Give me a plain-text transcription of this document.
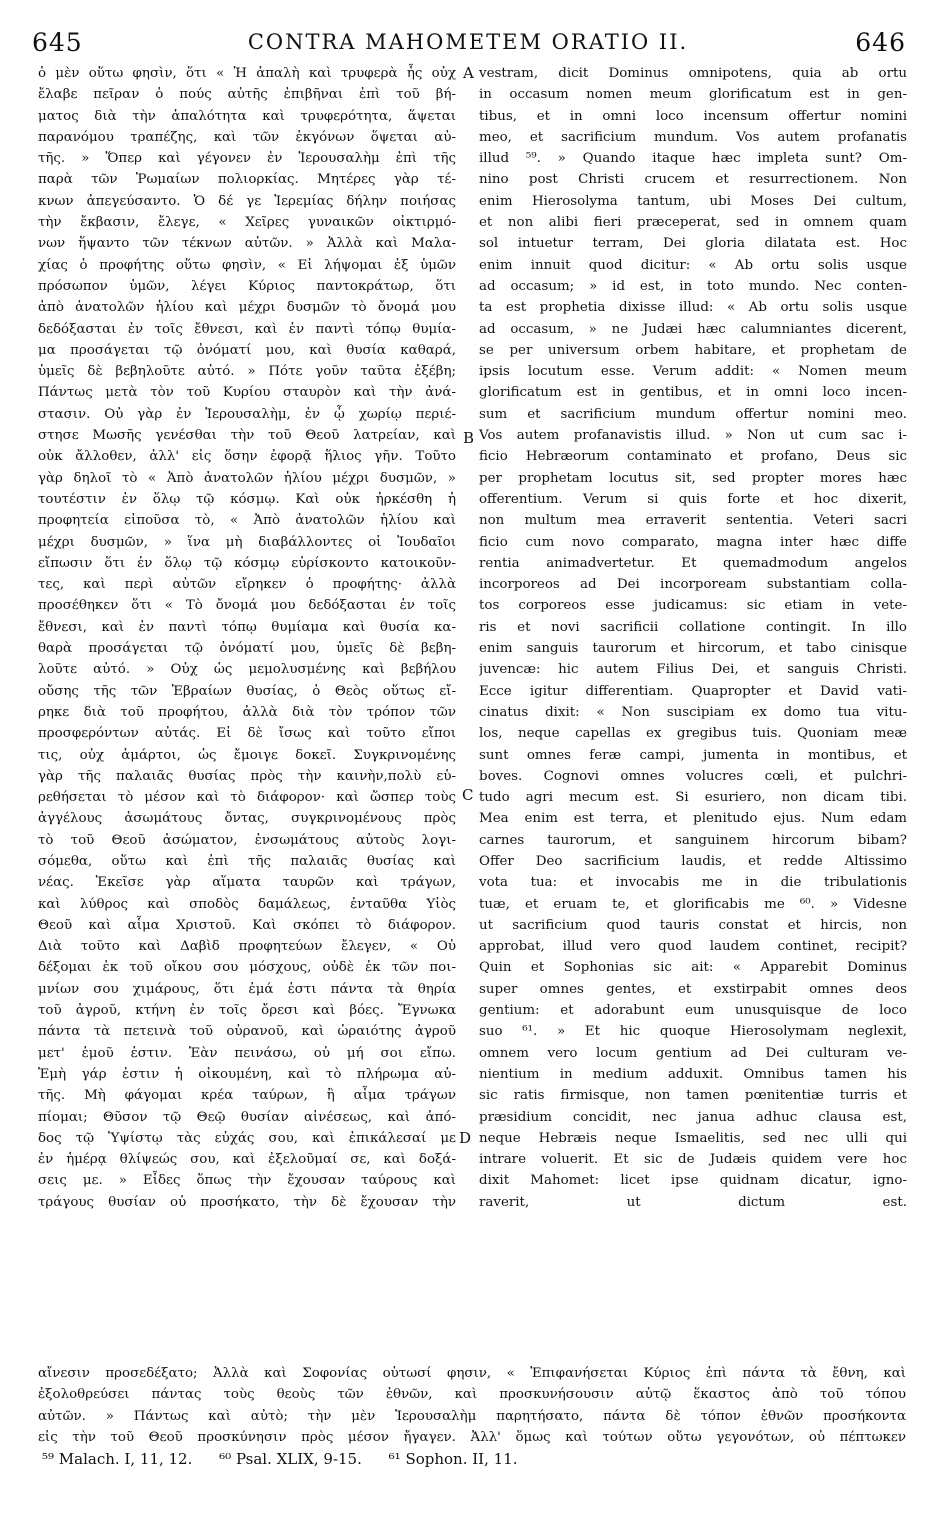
645	CONTRA MAHOMETEM ORATIO II.	646
ὁ μὲν οὕτω φησὶν, ὅτι « Ἡ ἁπαλὴ καὶ τρυφερὰ ἧς οὐχ
ἔλαβε πεῖραν ὁ πούς αὐτῆς ἐπιβῆναι ἐπὶ τοῦ βή-
ματος διὰ τὴν ἁπαλότητα καὶ τρυφερότητα, ἅψεται
παρανόμου τραπέζης, καὶ τῶν ἐκγόνων ὅψεται αὐ-
τῆς. » Ὅπερ καὶ γέγονεν ἐν Ἱερουσαλὴμ ἐπὶ τῆς
παρὰ τῶν Ῥωμαίων πολιορκίας. Μητέρες γὰρ τέ-
κνων ἀπεγεύσαντο. Ὁ δέ γε Ἱερεμίας δήλην ποιήσας
τὴν ἔκβασιν, ἔλεγε, « Χεῖρες γυναικῶν οἰκτιρμό-
νων ἥψαντο τῶν τέκνων αὐτῶν. » Ἀλλὰ καὶ Μαλα-
χίας ὁ προφήτης οὕτω φησὶν, « Εἰ λήψομαι ἐξ ὑμῶν
πρόσωπον ὑμῶν, λέγει Κύριος παντοκράτωρ, ὅτι
ἀπὸ ἀνατολῶν ἡλίου καὶ μέχρι δυσμῶν τὸ ὄνομά μου
δεδόξασται ἐν τοῖς ἔθνεσι, καὶ ἐν παντὶ τόπῳ θυμία-
μα προσάγεται τῷ ὀνόματί μου, καὶ θυσία καθαρά,
ὑμεῖς δὲ βεβηλοῦτε αὐτό. » Πότε γοῦν ταῦτα ἐξέβη;
Πάντως μετὰ τὸν τοῦ Κυρίου σταυρὸν καὶ τὴν ἀνά-
στασιν. Οὐ γὰρ ἐν Ἱερουσαλὴμ, ἐν ᾧ χωρίῳ περιέ-
στησε Μωσῆς γενέσθαι τὴν τοῦ Θεοῦ λατρείαν, καὶ
οὐκ ἄλλοθεν, ἀλλ' εἰς ὅσην ἐφορᾷ ἥλιος γῆν. Τοῦτο
γὰρ δηλοῖ τὸ « Ἀπὸ ἀνατολῶν ἡλίου μέχρι δυσμῶν, »
τουτέστιν ἐν ὅλῳ τῷ κόσμῳ. Καὶ οὐκ ἠρκέσθη ἡ
προφητεία εἰποῦσα τὸ, « Ἀπὸ ἀνατολῶν ἡλίου καὶ
μέχρι δυσμῶν, » ἵνα μὴ διαβάλλοντες οἱ Ἰουδαῖοι
εἴπωσιν ὅτι ἐν ὅλῳ τῷ κόσμῳ εὑρίσκοντο κατοικοῦν-
τες, καὶ περὶ αὐτῶν εἴρηκεν ὁ προφήτης· ἀλλὰ
προσέθηκεν ὅτι « Τὸ ὄνομά μου δεδόξασται ἐν τοῖς
ἔθνεσι, καὶ ἐν παντὶ τόπῳ θυμίαμα καὶ θυσία κα-
θαρὰ προσάγεται τῷ ὀνόματί μου, ὑμεῖς δὲ βεβη-
λοῦτε αὐτό. » Οὐχ ὡς μεμολυσμένης καὶ βεβήλου
οὔσης τῆς τῶν Ἑβραίων θυσίας, ὁ Θεὸς οὕτως εἴ-
ρηκε διὰ τοῦ προφήτου, ἀλλὰ διὰ τὸν τρόπον τῶν
προσφερόντων αὐτάς. Εἰ δὲ ἴσως καὶ τοῦτο εἴποι
τις, οὐχ ἁμάρτοι, ὡς ἔμοιγε δοκεῖ. Συγκρινομένης
γὰρ τῆς παλαιᾶς θυσίας πρὸς τὴν καινὴν,πολὺ εὑ-
ρεθήσεται τὸ μέσον καὶ τὸ διάφορον· καὶ ὥσπερ τοὺς
ἀγγέλους ἀσωμάτους ὄντας, συγκρινομένους πρὸς
τὸ τοῦ Θεοῦ ἀσώματον, ἐνσωμάτους αὐτοὺς λογι-
σόμεθα, οὕτω καὶ ἐπὶ τῆς παλαιᾶς θυσίας καὶ
νέας. Ἐκεῖσε γὰρ αἵματα ταυρῶν καὶ τράγων,
καὶ λύθρος καὶ σποδὸς δαμάλεως, ἐνταῦθα Υἱὸς
Θεοῦ καὶ αἷμα Χριστοῦ. Καὶ σκόπει τὸ διάφορον.
Διὰ τοῦτο καὶ Δαβὶδ προφητεύων ἔλεγεν, « Οὐ
δέξομαι ἐκ τοῦ οἴκου σου μόσχους, οὐδὲ ἐκ τῶν ποι-
μνίων σου χιμάρους, ὅτι ἐμά ἐστι πάντα τὰ θηρία
τοῦ ἀγροῦ, κτήνη ἐν τοῖς ὄρεσι καὶ βόες. Ἔγνωκα
πάντα τὰ πετεινὰ τοῦ οὐρανοῦ, καὶ ὡραιότης ἀγροῦ
μετ' ἐμοῦ ἐστιν. Ἐὰν πεινάσω, οὐ μή σοι εἴπω.
Ἐμὴ γάρ ἐστιν ἡ οἰκουμένη, καὶ τὸ πλήρωμα αὐ-
τῆς. Μὴ φάγομαι κρέα ταύρων, ἢ αἷμα τράγων
πίομαι; Θῦσον τῷ Θεῷ θυσίαν αἰνέσεως, καὶ ἀπό-
δος τῷ Ὑψίστῳ τὰς εὐχάς σου, καὶ ἐπικάλεσαί με
ἐν ἡμέρᾳ θλίψεώς σου, καὶ ἐξελοῦμαί σε, καὶ δοξά-
σεις με. » Εἶδες ὅπως τὴν ἔχουσαν ταύρους καὶ
τράγους θυσίαν οὐ προσήκατο, τὴν δὲ ἔχουσαν τὴν
A
B
C
D
vestram, dicit Dominus omnipotens, quia ab ortu
in occasum nomen meum glorificatum est in gen-
tibus, et in omni loco incensum offertur nomini
meo, et sacrificium mundum. Vos autem profanatis
illud ⁵⁹. » Quando itaque hæc impleta sunt? Om-
nino post Christi crucem et resurrectionem. Non
enim Hierosolyma tantum, ubi Moses Dei cultum,
et non alibi fieri præceperat, sed in omnem quam
sol intuetur terram, Dei gloria dilatata est. Hoc
enim innuit quod dicitur: « Ab ortu solis usque
ad occasum; » id est, in toto mundo. Nec conten-
ta est prophetia dixisse illud: « Ab ortu solis usque
ad occasum, » ne Judæi hæc calumniantes dicerent,
se per universum orbem habitare, et prophetam de
ipsis locutum esse. Verum addit: « Nomen meum
glorificatum est in gentibus, et in omni loco incen-
sum et sacrificium mundum offertur nomini meo.
Vos autem profanavistis illud. » Non ut cum sac i-
ficio Hebræorum contaminato et profano, Deus sic
per prophetam locutus sit, sed propter mores hæc
offerentium. Verum si quis forte et hoc dixerit,
non multum mea erraverit sententia. Veteri sacri
ficio cum novo comparato, magna inter hæc diffe
rentia animadvertetur. Et quemadmodum angelos
incorporeos ad Dei incorpoream substantiam colla-
tos corporeos esse judicamus: sic etiam in vete-
ris et novi sacrificii collatione contingit. In illo
enim sanguis taurorum et hircorum, et tabo cinisque
juvencæ: hic autem Filius Dei, et sanguis Christi.
Ecce igitur differentiam. Quapropter et David vati-
cinatus dixit: « Non suscipiam ex domo tua vitu-
los, neque capellas ex gregibus tuis. Quoniam meæ
sunt omnes feræ campi, jumenta in montibus, et
boves. Cognovi omnes volucres cœli, et pulchri-
tudo agri mecum est. Si esuriero, non dicam tibi.
Mea enim est terra, et plenitudo ejus. Num edam
carnes taurorum, et sanguinem hircorum bibam?
Offer Deo sacrificium laudis, et redde Altissimo
vota tua: et invocabis me in die tribulationis
tuæ, et eruam te, et glorificabis me ⁶⁰. » Videsne
ut sacrificium quod tauris constat et hircis, non
approbat, illud vero quod laudem continet, recipit?
Quin et Sophonias sic ait: « Apparebit Dominus
super omnes gentes, et exstirpabit omnes deos
gentium: et adorabunt eum unusquisque de loco
suo ⁶¹. » Et hic quoque Hierosolymam neglexit,
omnem vero locum gentium ad Dei culturam ve-
nientium in medium adduxit. Omnibus tamen his
sic ratis firmisque, non tamen pœnitentiæ turris et
præsidium concidit, nec janua adhuc clausa est,
neque Hebræis neque Ismaelitis, sed nec ulli qui
intrare voluerit. Et sic de Judæis quidem vere hoc
dixit Mahomet: licet ipse quidnam dicatur, igno-
raverit, ut dictum est.
αἴνεσιν προσεδέξατο; Ἀλλὰ καὶ Σοφονίας οὑτωσί φησιν, « Ἐπιφανήσεται Κύριος ἐπὶ πάντα τὰ ἔθνη, καὶ
ἐξολοθρεύσει πάντας τοὺς θεοὺς τῶν ἐθνῶν, καὶ προσκυνήσουσιν αὐτῷ ἕκαστος ἀπὸ τοῦ τόπου
αὐτῶν. » Πάντως καὶ αὐτὸ; τὴν μὲν Ἱερουσαλὴμ παρητήσατο, πάντα δὲ τόπον ἐθνῶν προσήκοντα
εἰς τὴν τοῦ Θεοῦ προσκύνησιν πρὸς μέσον ἤγαγεν. Ἀλλ' ὅμως καὶ τούτων οὕτω γεγονότων, οὐ πέπτωκεν
⁵⁹ Malach. I, 11, 12. ⁶⁰ Psal. XLIX, 9-15. ⁶¹ Sophon. II, 11.
